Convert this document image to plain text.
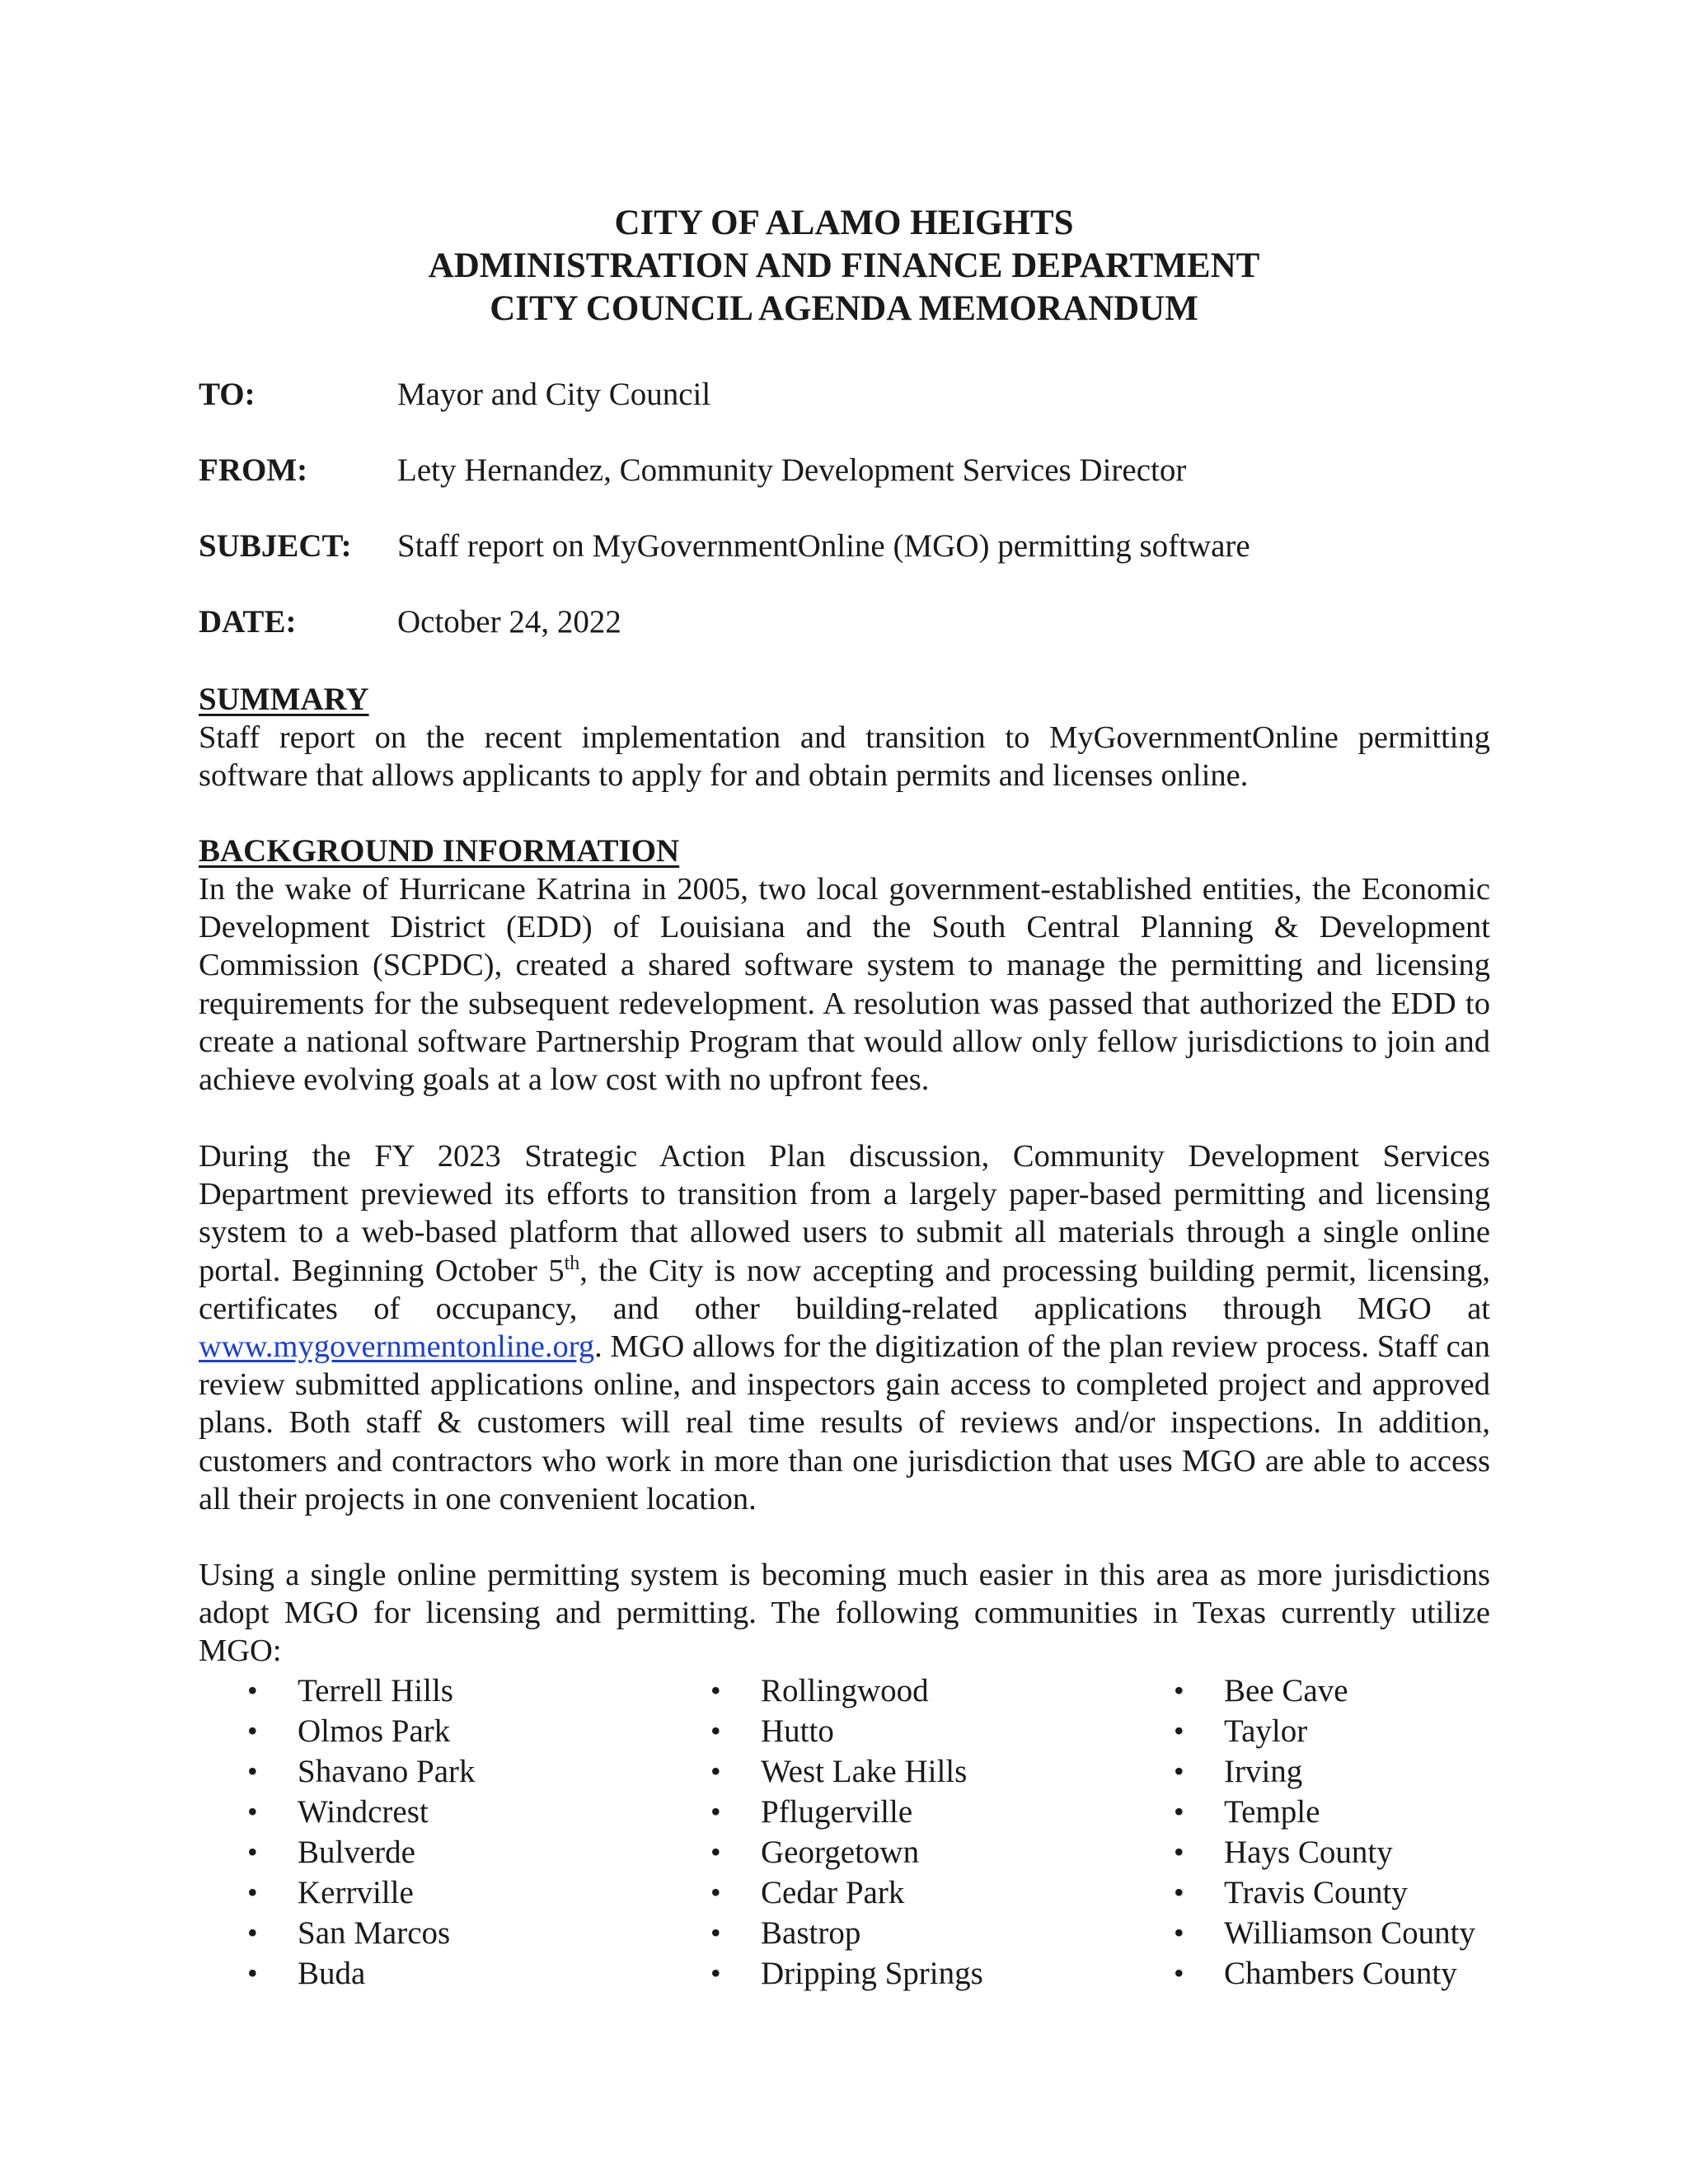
CITY OF ALAMO HEIGHTS
ADMINISTRATION AND FINANCE DEPARTMENT
CITY COUNCIL AGENDA MEMORANDUM
TO:	Mayor and City Council
FROM:	Lety Hernandez, Community Development Services Director
SUBJECT: Staff report on MyGovernmentOnline (MGO) permitting software
DATE:	October 24, 2022
SUMMARY
Staff report on the recent implementation and transition to MyGovernmentOnline permitting software that allows applicants to apply for and obtain permits and licenses online.
BACKGROUND INFORMATION
In the wake of Hurricane Katrina in 2005, two local government-established entities, the Economic Development District (EDD) of Louisiana and the South Central Planning & Development Commission (SCPDC), created a shared software system to manage the permitting and licensing requirements for the subsequent redevelopment. A resolution was passed that authorized the EDD to create a national software Partnership Program that would allow only fellow jurisdictions to join and achieve evolving goals at a low cost with no upfront fees.
During the FY 2023 Strategic Action Plan discussion, Community Development Services Department previewed its efforts to transition from a largely paper-based permitting and licensing system to a web-based platform that allowed users to submit all materials through a single online portal. Beginning October 5th, the City is now accepting and processing building permit, licensing, certificates of occupancy, and other building-related applications through MGO at www.mygovernmentonline.org. MGO allows for the digitization of the plan review process. Staff can review submitted applications online, and inspectors gain access to completed project and approved plans. Both staff & customers will real time results of reviews and/or inspections. In addition, customers and contractors who work in more than one jurisdiction that uses MGO are able to access all their projects in one convenient location.
Using a single online permitting system is becoming much easier in this area as more jurisdictions adopt MGO for licensing and permitting. The following communities in Texas currently utilize MGO:
• Terrell Hills
• Olmos Park
• Shavano Park
• Windcrest
• Bulverde
• Kerrville
• San Marcos
• Buda
• Rollingwood
• Hutto
• West Lake Hills
• Pflugerville
• Georgetown
• Cedar Park
• Bastrop
• Dripping Springs
• Bee Cave
• Taylor
• Irving
• Temple
• Hays County
• Travis County
• Williamson County
• Chambers County
